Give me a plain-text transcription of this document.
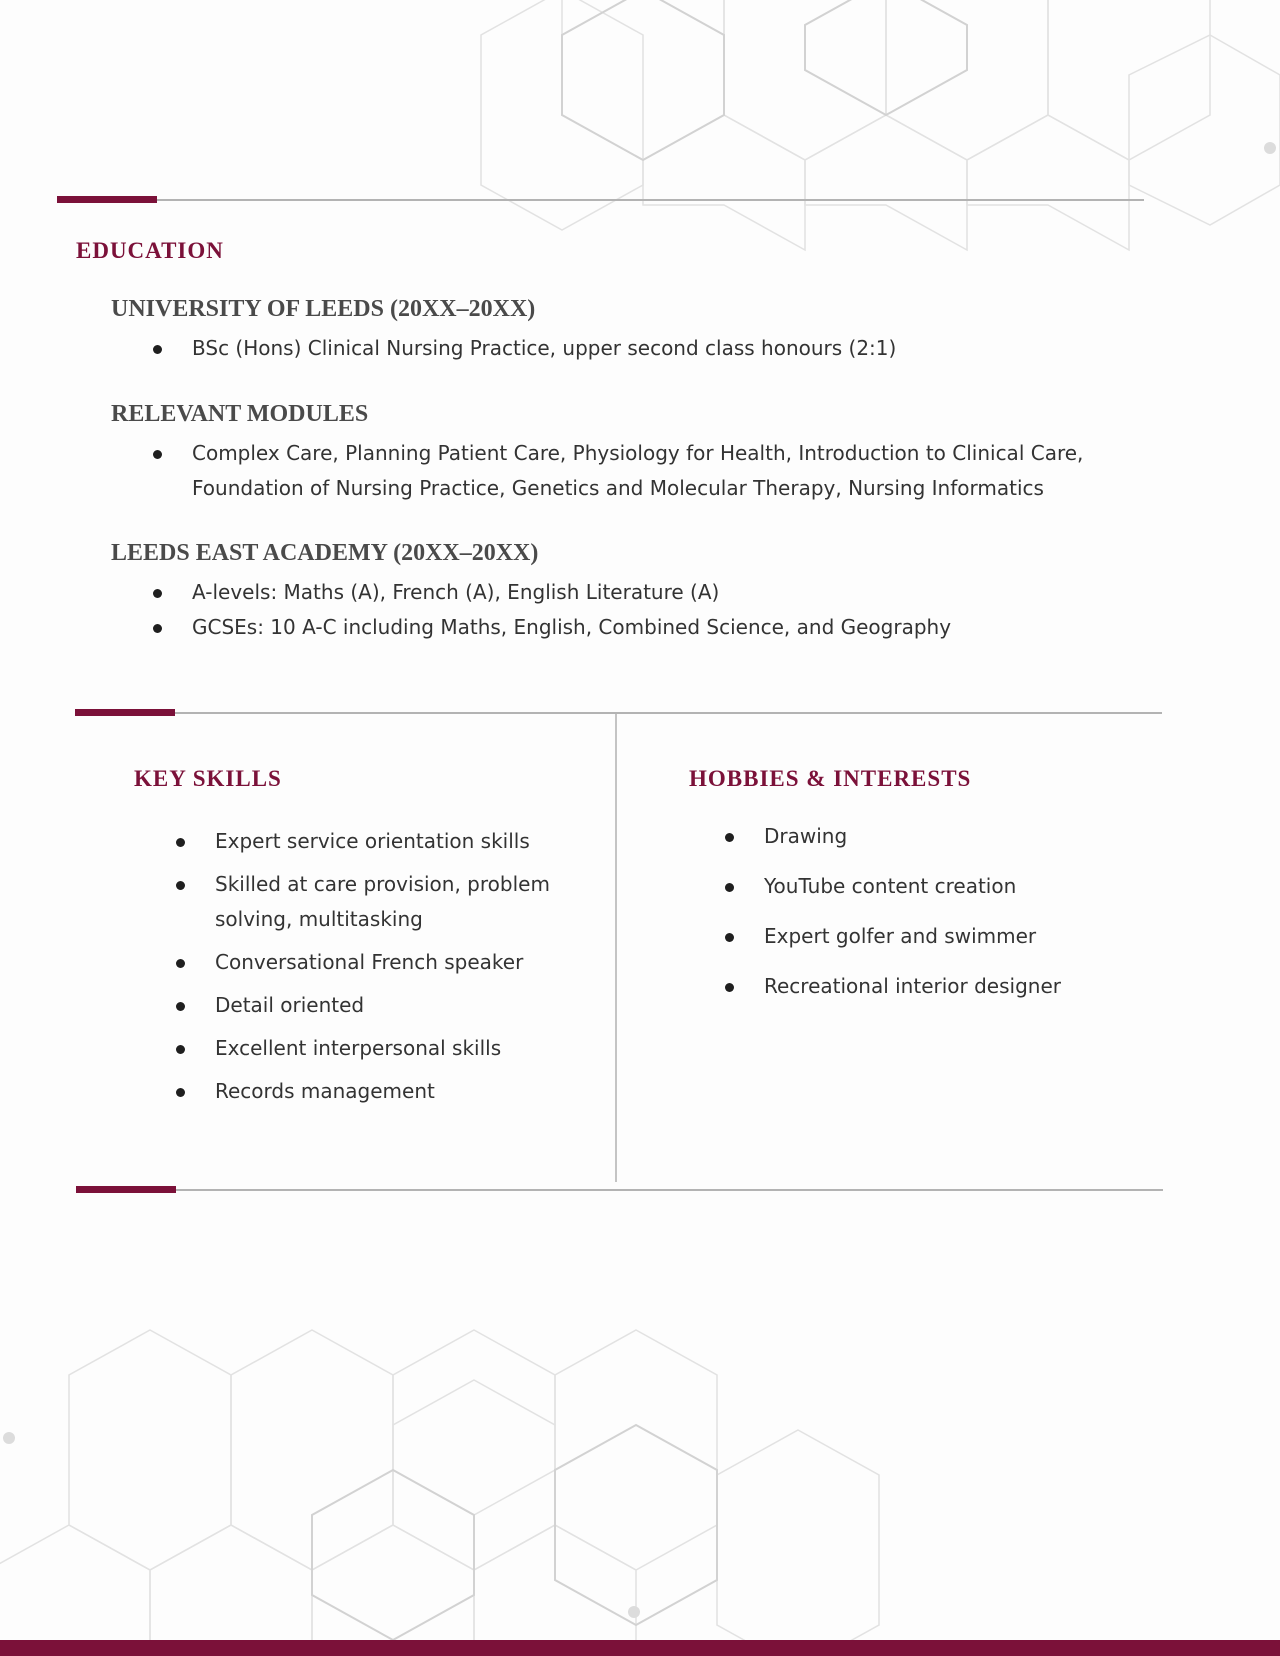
EDUCATION
UNIVERSITY OF LEEDS (20XX–20XX)
BSc (Hons) Clinical Nursing Practice, upper second class honours (2:1)
RELEVANT MODULES
Complex Care, Planning Patient Care, Physiology for Health, Introduction to Clinical Care, Foundation of Nursing Practice, Genetics and Molecular Therapy, Nursing Informatics
LEEDS EAST ACADEMY (20XX–20XX)
A-levels: Maths (A), French (A), English Literature (A)
GCSEs: 10 A-C including Maths, English, Combined Science, and Geography
KEY SKILLS
Expert service orientation skills
Skilled at care provision, problem solving, multitasking
Conversational French speaker
Detail oriented
Excellent interpersonal skills
Records management
HOBBIES & INTERESTS
Drawing
YouTube content creation
Expert golfer and swimmer
Recreational interior designer
